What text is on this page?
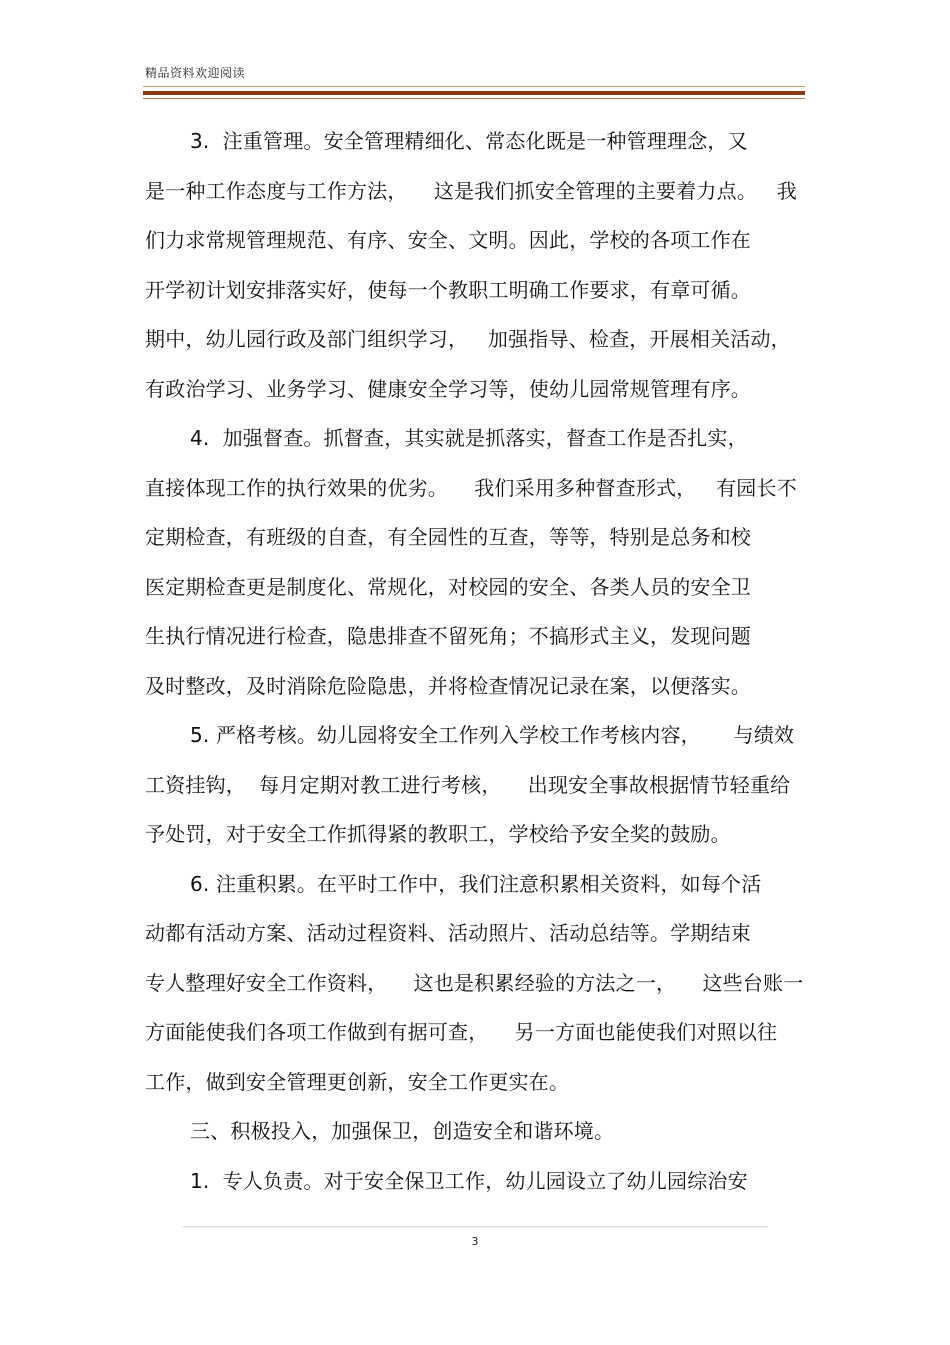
精品资料欢迎阅读
3.  注重管理。安全管理精细化、常态化既是一种管理理念，又
是一种工作态度与工作方法，    这是我们抓安全管理的主要着力点。   我
们力求常规管理规范、有序、安全、文明。因此，学校的各项工作在
开学初计划安排落实好，使每一个教职工明确工作要求，有章可循。
期中，幼儿园行政及部门组织学习，   加强指导、检查，开展相关活动，
有政治学习、业务学习、健康安全学习等，使幼儿园常规管理有序。
4.  加强督查。抓督查，其实就是抓落实，督查工作是否扎实，
直接体现工作的执行效果的优劣。    我们采用多种督查形式，   有园长不
定期检查，有班级的自查，有全园性的互查，等等，特别是总务和校
医定期检查更是制度化、常规化，对校园的安全、各类人员的安全卫
生执行情况进行检查，隐患排查不留死角；不搞形式主义，发现问题
及时整改，及时消除危险隐患，并将检查情况记录在案，以便落实。
5. 严格考核。幼儿园将安全工作列入学校工作考核内容，     与绩效
工资挂钩，  每月定期对教工进行考核，    出现安全事故根据情节轻重给
予处罚，对于安全工作抓得紧的教职工，学校给予安全奖的鼓励。
6. 注重积累。在平时工作中，我们注意积累相关资料，如每个活
动都有活动方案、活动过程资料、活动照片、活动总结等。学期结束
专人整理好安全工作资料，    这也是积累经验的方法之一，    这些台账一
方面能使我们各项工作做到有据可查，    另一方面也能使我们对照以往
工作，做到安全管理更创新，安全工作更实在。
三、积极投入，加强保卫，创造安全和谐环境。
1.  专人负责。对于安全保卫工作，幼儿园设立了幼儿园综治安
3
